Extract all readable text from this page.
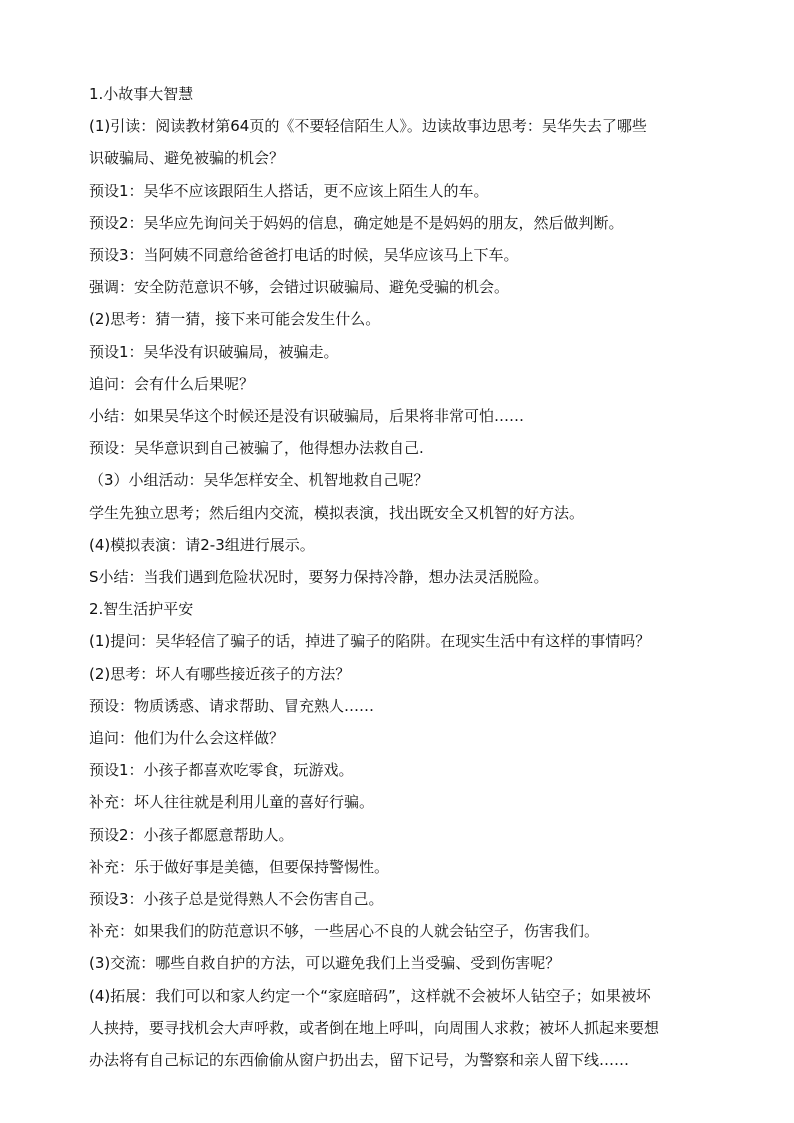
1.小故事大智慧
(1)引读：阅读教材第64页的《不要轻信陌生人》。边读故事边思考：吴华失去了哪些
识破骗局、避免被骗的机会？
预设1：吴华不应该跟陌生人搭话，更不应该上陌生人的车。
预设2：吴华应先询问关于妈妈的信息，确定她是不是妈妈的朋友，然后做判断。
预设3：当阿姨不同意给爸爸打电话的时候，吴华应该马上下车。
强调：安全防范意识不够，会错过识破骗局、避免受骗的机会。
(2)思考：猜一猜，接下来可能会发生什么。
预设1：吴华没有识破骗局，被骗走。
追问：会有什么后果呢？
小结：如果吴华这个时候还是没有识破骗局，后果将非常可怕……
预设：吴华意识到自己被骗了，他得想办法救自己.
（3）小组活动：吴华怎样安全、机智地救自己呢？
学生先独立思考；然后组内交流，模拟表演，找出既安全又机智的好方法。
(4)模拟表演：请2-3组进行展示。
S小结：当我们遇到危险状况时，要努力保持冷静，想办法灵活脱险。
2.智生活护平安
(1)提问：吴华轻信了骗子的话，掉进了骗子的陷阱。在现实生活中有这样的事情吗？
(2)思考：坏人有哪些接近孩子的方法？
预设：物质诱惑、请求帮助、冒充熟人……
追问：他们为什么会这样做？
预设1：小孩子都喜欢吃零食，玩游戏。
补充：坏人往往就是利用儿童的喜好行骗。
预设2：小孩子都愿意帮助人。
补充：乐于做好事是美德，但要保持警惕性。
预设3：小孩子总是觉得熟人不会伤害自己。
补充：如果我们的防范意识不够，一些居心不良的人就会钻空子，伤害我们。
(3)交流：哪些自救自护的方法，可以避免我们上当受骗、受到伤害呢？
(4)拓展：我们可以和家人约定一个“家庭暗码”，这样就不会被坏人钻空子；如果被坏
人挟持，要寻找机会大声呼救，或者倒在地上呼叫，向周围人求救；被坏人抓起来要想
办法将有自己标记的东西偷偷从窗户扔出去，留下记号，为警察和亲人留下线……
